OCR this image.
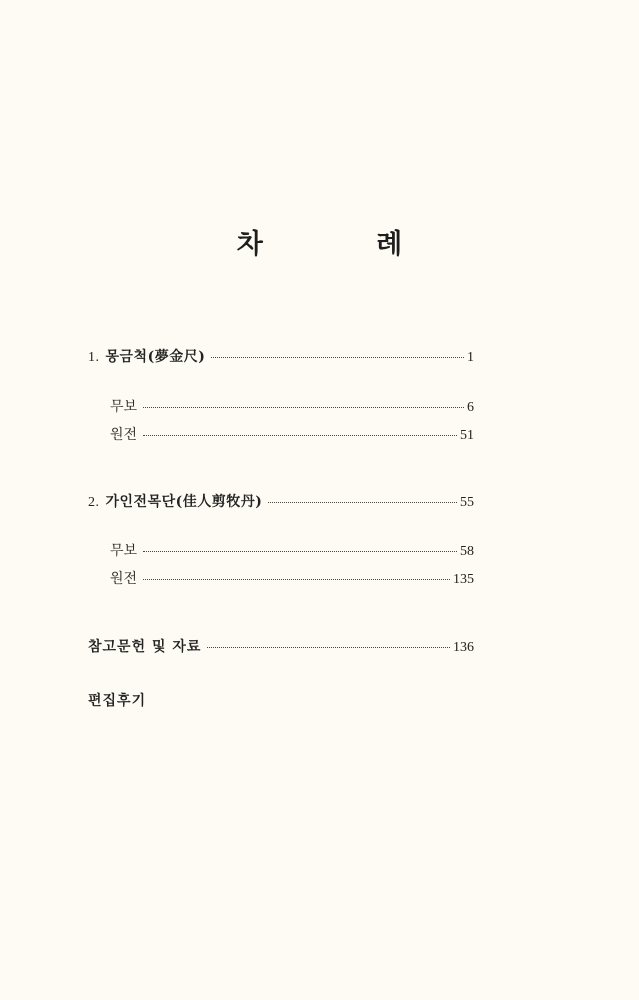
차 례
1. 몽금척(夢金尺)	1
무보	6
원전	51
2. 가인전목단(佳人剪牧丹)	55
무보	58
원전	135
참고문헌 및 자료	136
편집후기
